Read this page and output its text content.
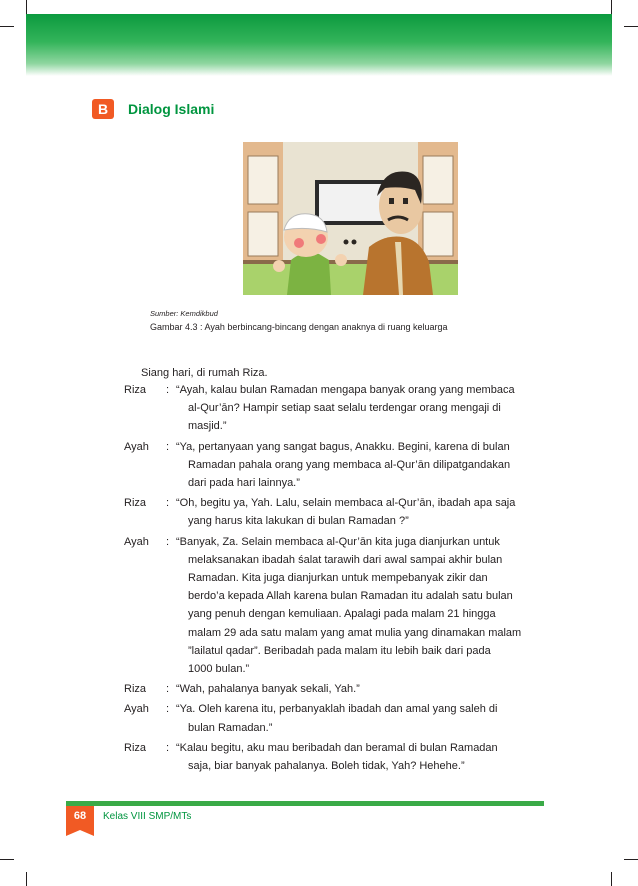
B	Dialog Islami
Sumber: Kemdikbud
Gambar 4.3 : Ayah berbincang-bincang dengan anaknya di ruang keluarga
Siang hari, di rumah Riza.
Riza	: “Ayah, kalau bulan Ramadan mengapa banyak orang yang membaca
al-Qur’ān? Hampir setiap saat selalu terdengar orang mengaji di
masjid.”
Ayah	: “Ya, pertanyaan yang sangat bagus, Anakku. Begini, karena di bulan
Ramadan pahala orang yang membaca al-Qur’ān dilipatgandakan
dari pada hari lainnya.”
Riza	: “Oh, begitu ya, Yah. Lalu, selain membaca al-Qur’ān, ibadah apa saja
yang harus kita lakukan di bulan Ramadan ?”
Ayah	: “Banyak, Za. Selain membaca al-Qur’ān kita juga dianjurkan untuk
melaksanakan ibadah śalat tarawih dari awal sampai akhir bulan
Ramadan. Kita juga dianjurkan untuk mempebanyak zikir dan
berdo’a kepada Allah karena bulan Ramadan itu adalah satu bulan
yang penuh dengan kemuliaan. Apalagi pada malam 21 hingga
malam 29 ada satu malam yang amat mulia yang dinamakan malam
”lailatul qadar”. Beribadah pada malam itu lebih baik dari pada
1000 bulan.”
Riza	: “Wah, pahalanya banyak sekali, Yah.”
Ayah	: “Ya. Oleh karena itu, perbanyaklah ibadah dan amal yang saleh di
bulan Ramadan.”
Riza	: “Kalau begitu, aku mau beribadah dan beramal di bulan Ramadan
saja, biar banyak pahalanya. Boleh tidak, Yah? Hehehe.”
68	Kelas VIII SMP/MTs
